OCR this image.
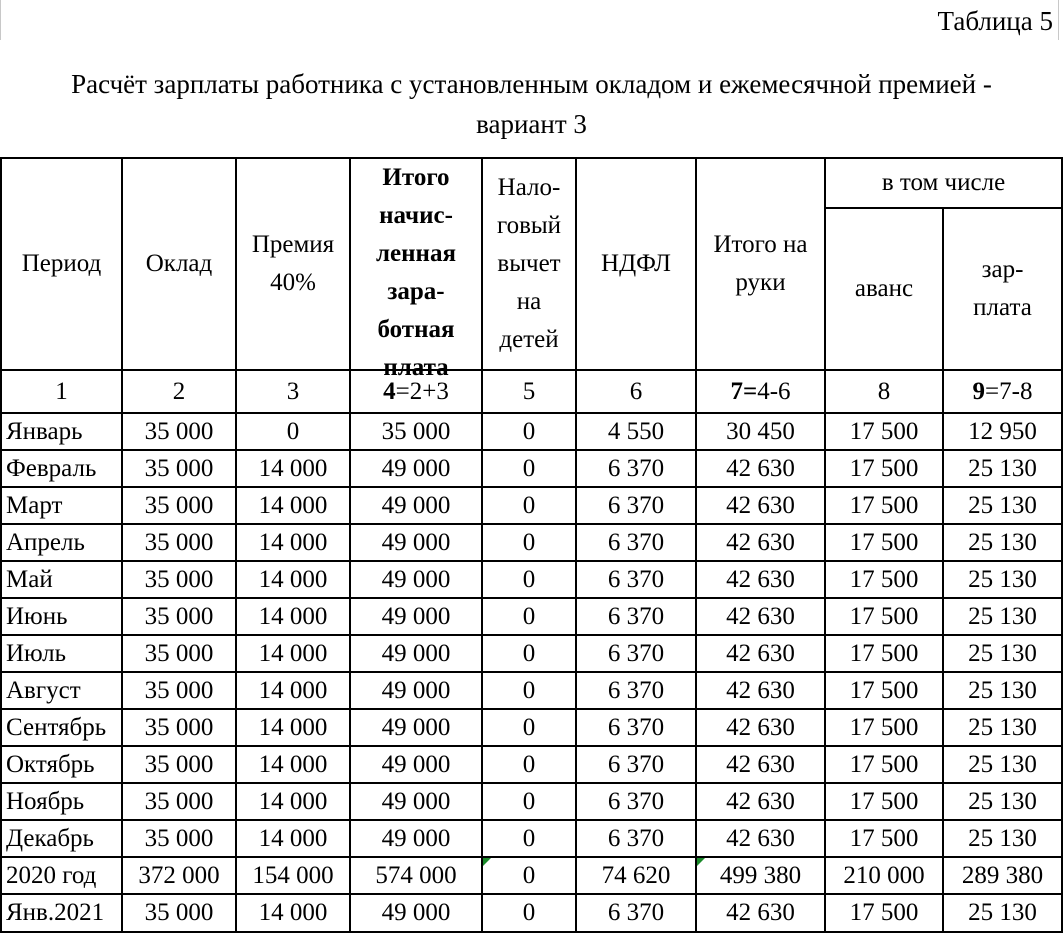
Таблица 5
Расчёт зарплаты работника с установленным окладом и ежемесячной премией -
вариант 3
Период	Оклад	Премия 40%	Итого начис- ленная зара- ботная плата	Нало- говый вычет на детей	НДФЛ	Итого на руки	в том числе	
							аванс	зар- плата
1	2	3	4=2+3	5	6	7=4-6	8	9=7-8
Январь	35 000	0	35 000	0	4 550	30 450	17 500	12 950
Февраль	35 000	14 000	49 000	0	6 370	42 630	17 500	25 130
Март	35 000	14 000	49 000	0	6 370	42 630	17 500	25 130
Апрель	35 000	14 000	49 000	0	6 370	42 630	17 500	25 130
Май	35 000	14 000	49 000	0	6 370	42 630	17 500	25 130
Июнь	35 000	14 000	49 000	0	6 370	42 630	17 500	25 130
Июль	35 000	14 000	49 000	0	6 370	42 630	17 500	25 130
Август	35 000	14 000	49 000	0	6 370	42 630	17 500	25 130
Сентябрь	35 000	14 000	49 000	0	6 370	42 630	17 500	25 130
Октябрь	35 000	14 000	49 000	0	6 370	42 630	17 500	25 130
Ноябрь	35 000	14 000	49 000	0	6 370	42 630	17 500	25 130
Декабрь	35 000	14 000	49 000	0	6 370	42 630	17 500	25 130
2020 год	372 000	154 000	574 000	0	74 620	499 380	210 000	289 380
Янв.2021	35 000	14 000	49 000	0	6 370	42 630	17 500	25 130
